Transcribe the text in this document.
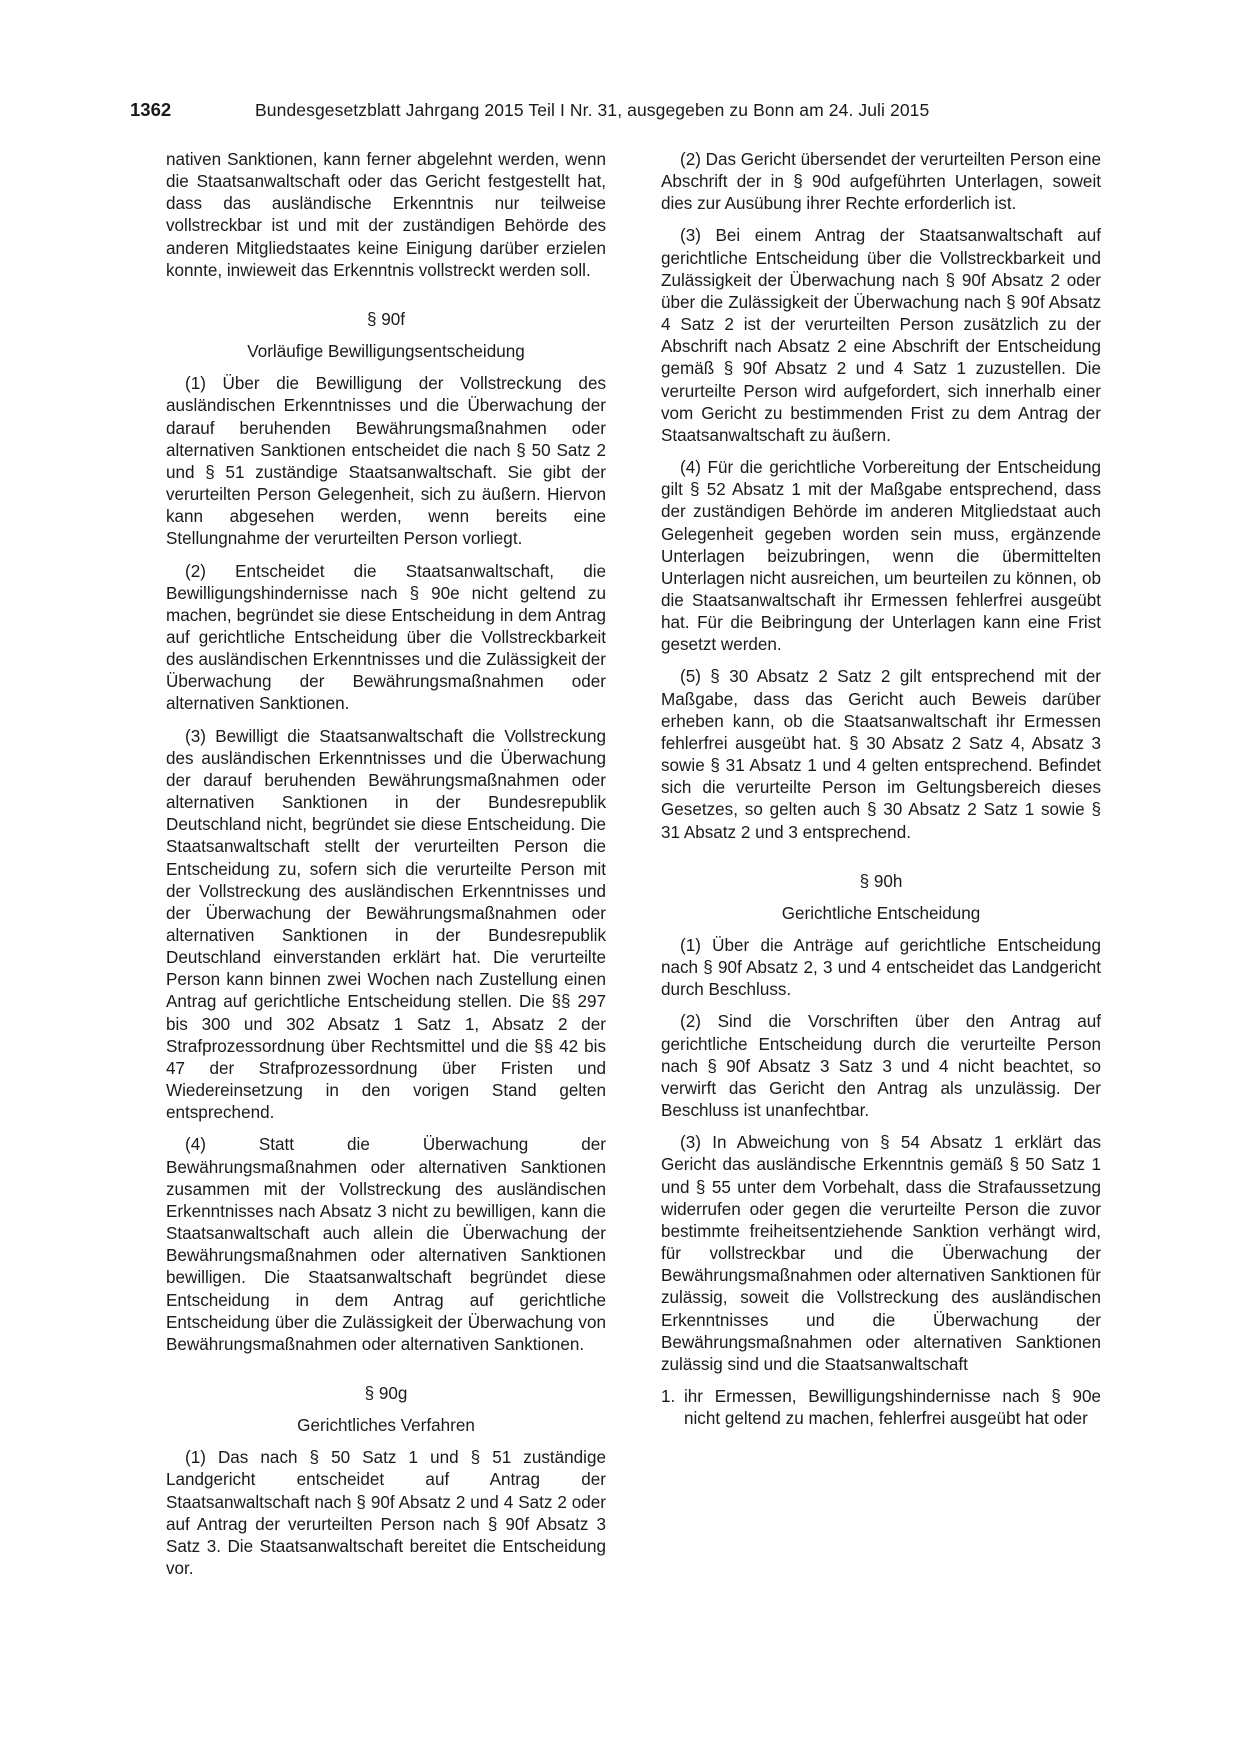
1362	Bundesgesetzblatt Jahrgang 2015 Teil I Nr. 31, ausgegeben zu Bonn am 24. Juli 2015

nativen Sanktionen, kann ferner abgelehnt werden, wenn die Staatsanwaltschaft oder das Gericht festgestellt hat, dass das ausländische Erkenntnis nur teilweise vollstreckbar ist und mit der zuständigen Behörde des anderen Mitgliedstaates keine Einigung darüber erzielen konnte, inwieweit das Erkenntnis vollstreckt werden soll.

§ 90f
Vorläufige Bewilligungsentscheidung

(1) Über die Bewilligung der Vollstreckung des ausländischen Erkenntnisses und die Überwachung der darauf beruhenden Bewährungsmaßnahmen oder alternativen Sanktionen entscheidet die nach § 50 Satz 2 und § 51 zuständige Staatsanwaltschaft. Sie gibt der verurteilten Person Gelegenheit, sich zu äußern. Hiervon kann abgesehen werden, wenn bereits eine Stellungnahme der verurteilten Person vorliegt.

(2) Entscheidet die Staatsanwaltschaft, die Bewilligungshindernisse nach § 90e nicht geltend zu machen, begründet sie diese Entscheidung in dem Antrag auf gerichtliche Entscheidung über die Vollstreckbarkeit des ausländischen Erkenntnisses und die Zulässigkeit der Überwachung der Bewährungsmaßnahmen oder alternativen Sanktionen.

(3) Bewilligt die Staatsanwaltschaft die Vollstreckung des ausländischen Erkenntnisses und die Überwachung der darauf beruhenden Bewährungsmaßnahmen oder alternativen Sanktionen in der Bundesrepublik Deutschland nicht, begründet sie diese Entscheidung. Die Staatsanwaltschaft stellt der verurteilten Person die Entscheidung zu, sofern sich die verurteilte Person mit der Vollstreckung des ausländischen Erkenntnisses und der Überwachung der Bewährungsmaßnahmen oder alternativen Sanktionen in der Bundesrepublik Deutschland einverstanden erklärt hat. Die verurteilte Person kann binnen zwei Wochen nach Zustellung einen Antrag auf gerichtliche Entscheidung stellen. Die §§ 297 bis 300 und 302 Absatz 1 Satz 1, Absatz 2 der Strafprozessordnung über Rechtsmittel und die §§ 42 bis 47 der Strafprozessordnung über Fristen und Wiedereinsetzung in den vorigen Stand gelten entsprechend.

(4) Statt die Überwachung der Bewährungsmaßnahmen oder alternativen Sanktionen zusammen mit der Vollstreckung des ausländischen Erkenntnisses nach Absatz 3 nicht zu bewilligen, kann die Staatsanwaltschaft auch allein die Überwachung der Bewährungsmaßnahmen oder alternativen Sanktionen bewilligen. Die Staatsanwaltschaft begründet diese Entscheidung in dem Antrag auf gerichtliche Entscheidung über die Zulässigkeit der Überwachung von Bewährungsmaßnahmen oder alternativen Sanktionen.

§ 90g
Gerichtliches Verfahren

(1) Das nach § 50 Satz 1 und § 51 zuständige Landgericht entscheidet auf Antrag der Staatsanwaltschaft nach § 90f Absatz 2 und 4 Satz 2 oder auf Antrag der verurteilten Person nach § 90f Absatz 3 Satz 3. Die Staatsanwaltschaft bereitet die Entscheidung vor.

(2) Das Gericht übersendet der verurteilten Person eine Abschrift der in § 90d aufgeführten Unterlagen, soweit dies zur Ausübung ihrer Rechte erforderlich ist.

(3) Bei einem Antrag der Staatsanwaltschaft auf gerichtliche Entscheidung über die Vollstreckbarkeit und Zulässigkeit der Überwachung nach § 90f Absatz 2 oder über die Zulässigkeit der Überwachung nach § 90f Absatz 4 Satz 2 ist der verurteilten Person zusätzlich zu der Abschrift nach Absatz 2 eine Abschrift der Entscheidung gemäß § 90f Absatz 2 und 4 Satz 1 zuzustellen. Die verurteilte Person wird aufgefordert, sich innerhalb einer vom Gericht zu bestimmenden Frist zu dem Antrag der Staatsanwaltschaft zu äußern.

(4) Für die gerichtliche Vorbereitung der Entscheidung gilt § 52 Absatz 1 mit der Maßgabe entsprechend, dass der zuständigen Behörde im anderen Mitgliedstaat auch Gelegenheit gegeben worden sein muss, ergänzende Unterlagen beizubringen, wenn die übermittelten Unterlagen nicht ausreichen, um beurteilen zu können, ob die Staatsanwaltschaft ihr Ermessen fehlerfrei ausgeübt hat. Für die Beibringung der Unterlagen kann eine Frist gesetzt werden.

(5) § 30 Absatz 2 Satz 2 gilt entsprechend mit der Maßgabe, dass das Gericht auch Beweis darüber erheben kann, ob die Staatsanwaltschaft ihr Ermessen fehlerfrei ausgeübt hat. § 30 Absatz 2 Satz 4, Absatz 3 sowie § 31 Absatz 1 und 4 gelten entsprechend. Befindet sich die verurteilte Person im Geltungsbereich dieses Gesetzes, so gelten auch § 30 Absatz 2 Satz 1 sowie § 31 Absatz 2 und 3 entsprechend.

§ 90h
Gerichtliche Entscheidung

(1) Über die Anträge auf gerichtliche Entscheidung nach § 90f Absatz 2, 3 und 4 entscheidet das Landgericht durch Beschluss.

(2) Sind die Vorschriften über den Antrag auf gerichtliche Entscheidung durch die verurteilte Person nach § 90f Absatz 3 Satz 3 und 4 nicht beachtet, so verwirft das Gericht den Antrag als unzulässig. Der Beschluss ist unanfechtbar.

(3) In Abweichung von § 54 Absatz 1 erklärt das Gericht das ausländische Erkenntnis gemäß § 50 Satz 1 und § 55 unter dem Vorbehalt, dass die Strafaussetzung widerrufen oder gegen die verurteilte Person die zuvor bestimmte freiheitsentziehende Sanktion verhängt wird, für vollstreckbar und die Überwachung der Bewährungsmaßnahmen oder alternativen Sanktionen für zulässig, soweit die Vollstreckung des ausländischen Erkenntnisses und die Überwachung der Bewährungsmaßnahmen oder alternativen Sanktionen zulässig sind und die Staatsanwaltschaft

1. ihr Ermessen, Bewilligungshindernisse nach § 90e nicht geltend zu machen, fehlerfrei ausgeübt hat oder
